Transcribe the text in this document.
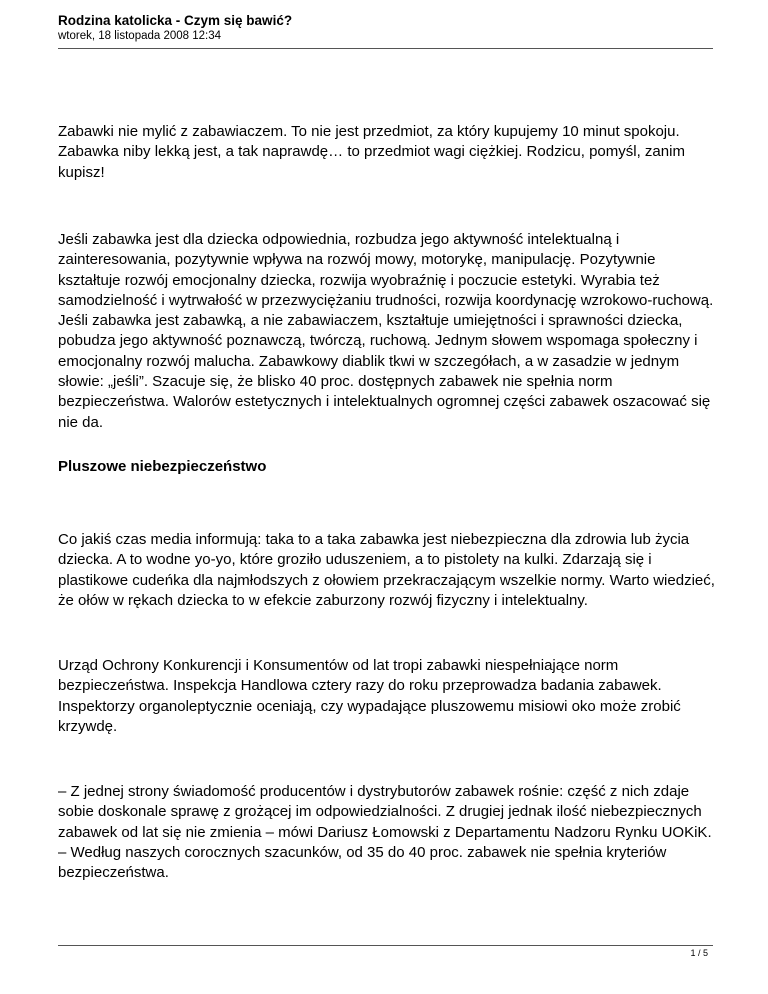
Rodzina katolicka - Czym się bawić?
wtorek, 18 listopada 2008 12:34

Zabawki nie mylić z zabawiaczem. To nie jest przedmiot, za który kupujemy 10 minut spokoju. Zabawka niby lekką jest, a tak naprawdę… to przedmiot wagi ciężkiej. Rodzicu, pomyśl, zanim kupisz!

Jeśli zabawka jest dla dziecka odpowiednia, rozbudza jego aktywność intelektualną i zainteresowania, pozytywnie wpływa na rozwój mowy, motorykę, manipulację. Pozytywnie kształtuje rozwój emocjonalny dziecka, rozwija wyobraźnię i poczucie estetyki. Wyrabia też samodzielność i wytrwałość w przezwyciężaniu trudności, rozwija koordynację wzrokowo-ruchową. Jeśli zabawka jest zabawką, a nie zabawiaczem, kształtuje umiejętności i sprawności dziecka, pobudza jego aktywność poznawczą, twórczą, ruchową. Jednym słowem wspomaga społeczny i emocjonalny rozwój malucha. Zabawkowy diablik tkwi w szczegółach, a w zasadzie w jednym słowie: „jeśli”. Szacuje się, że blisko 40 proc. dostępnych zabawek nie spełnia norm bezpieczeństwa. Walorów estetycznych i intelektualnych ogromnej części zabawek oszacować się nie da.

Pluszowe niebezpieczeństwo

Co jakiś czas media informują: taka to a taka zabawka jest niebezpieczna dla zdrowia lub życia dziecka. A to wodne yo-yo, które groziło uduszeniem, a to pistolety na kulki. Zdarzają się i plastikowe cudeńka dla najmłodszych z ołowiem przekraczającym wszelkie normy. Warto wiedzieć, że ołów w rękach dziecka to w efekcie zaburzony rozwój fizyczny i intelektualny.

Urząd Ochrony Konkurencji i Konsumentów od lat tropi zabawki niespełniające norm bezpieczeństwa. Inspekcja Handlowa cztery razy do roku przeprowadza badania zabawek. Inspektorzy organoleptycznie oceniają, czy wypadające pluszowemu misiowi oko może zrobić krzywdę.

– Z jednej strony świadomość producentów i dystrybutorów zabawek rośnie: część z nich zdaje sobie doskonale sprawę z grożącej im odpowiedzialności. Z drugiej jednak ilość niebezpiecznych zabawek od lat się nie zmienia – mówi Dariusz Łomowski z Departamentu Nadzoru Rynku UOKiK. – Według naszych corocznych szacunków, od 35 do 40 proc. zabawek nie spełnia kryteriów bezpieczeństwa.

1 / 5
